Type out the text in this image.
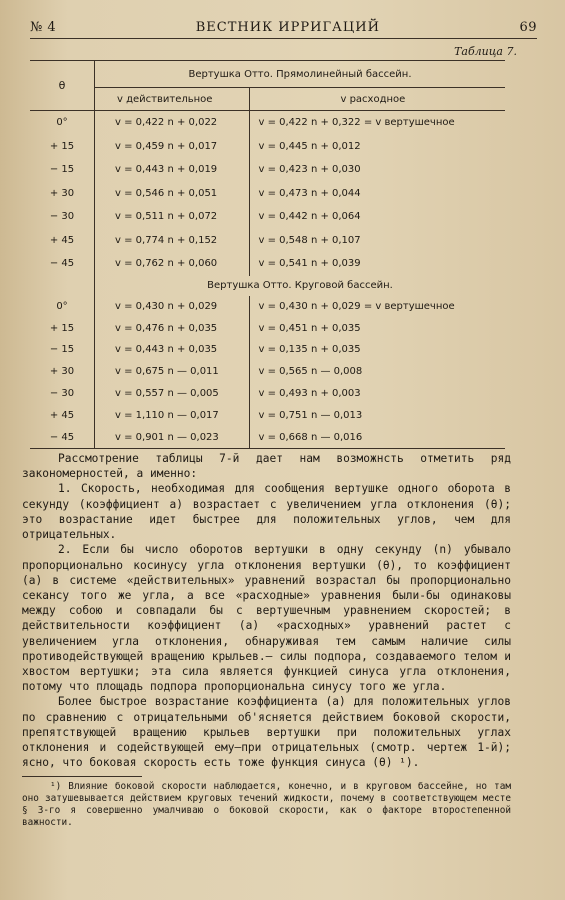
№ 4	ВЕСТНИК ИРРИГАЦИЙ	69
Таблица 7.
θ	Вертушка Отто. Прямолинейный бассейн.	
	v действительное	v расходное
0°	v = 0,422 n + 0,022	v = 0,422 n + 0,322 = v вертушечное
+ 15	v = 0,459 n + 0,017	v = 0,445 n + 0,012
− 15	v = 0,443 n + 0,019	v = 0,423 n + 0,030
+ 30	v = 0,546 n + 0,051	v = 0,473 n + 0,044
− 30	v = 0,511 n + 0,072	v = 0,442 n + 0,064
+ 45	v = 0,774 n + 0,152	v = 0,548 n + 0,107
− 45	v = 0,762 n + 0,060	v = 0,541 n + 0,039
	Вертушка Отто. Круговой бассейн.	
0°	v = 0,430 n + 0,029	v = 0,430 n + 0,029 = v вертушечное
+ 15	v = 0,476 n + 0,035	v = 0,451 n + 0,035
− 15	v = 0,443 n + 0,035	v = 0,135 n + 0,035
+ 30	v = 0,675 n — 0,011	v = 0,565 n — 0,008
− 30	v = 0,557 n — 0,005	v = 0,493 n + 0,003
+ 45	v = 1,110 n — 0,017	v = 0,751 n — 0,013
− 45	v = 0,901 n — 0,023	v = 0,668 n — 0,016

Рассмотрение таблицы 7-й дает нам возможнсть отметить ряд закономерностей, а именно:

1. Скорость, необходимая для сообщения вертушке одного оборота в секунду (коэффициент а) возрастает с увеличением угла отклонения (θ); это возрастание идет быстрее для положительных углов, чем для отрицательных.

2. Если бы число оборотов вертушки в одну секунду (n) убывало пропорционально косинусу угла отклонения вертушки (θ), то коэффициент (а) в системе «действительных» уравнений возрастал бы пропорционально секансу того же угла, а все «расходные» уравнения были-бы одинаковы между собою и совпадали бы с вертушечным уравнением скоростей; в действительности коэффициент (а) «расходных» уравнений растет с увеличением угла отклонения, обнаруживая тем самым наличие силы противодействующей вращению крыльев.— силы подпора, создаваемого телом и хвостом вертушки; эта сила является функцией синуса угла отклонения, потому что площадь подпора пропорциональна синусу того же угла.

Более быстрое возрастание коэффициента (а) для положительных углов по сравнению с отрицательными об'ясняется действием боковой скорости, препятствующей вращению крыльев вертушки при положительных углах отклонения и содействующей ему—при отрицательных (смотр. чертеж 1-й); ясно, что боковая скорость есть тоже функция синуса (θ) ¹).

¹) Влияние боковой скорости наблюдается, конечно, и в круговом бассейне, но там оно затушевывается действием круговых течений жидкости, почему в соответствующем месте § 3-го я совершенно умалчиваю о боковой скорости, как о факторе второстепенной важности.
